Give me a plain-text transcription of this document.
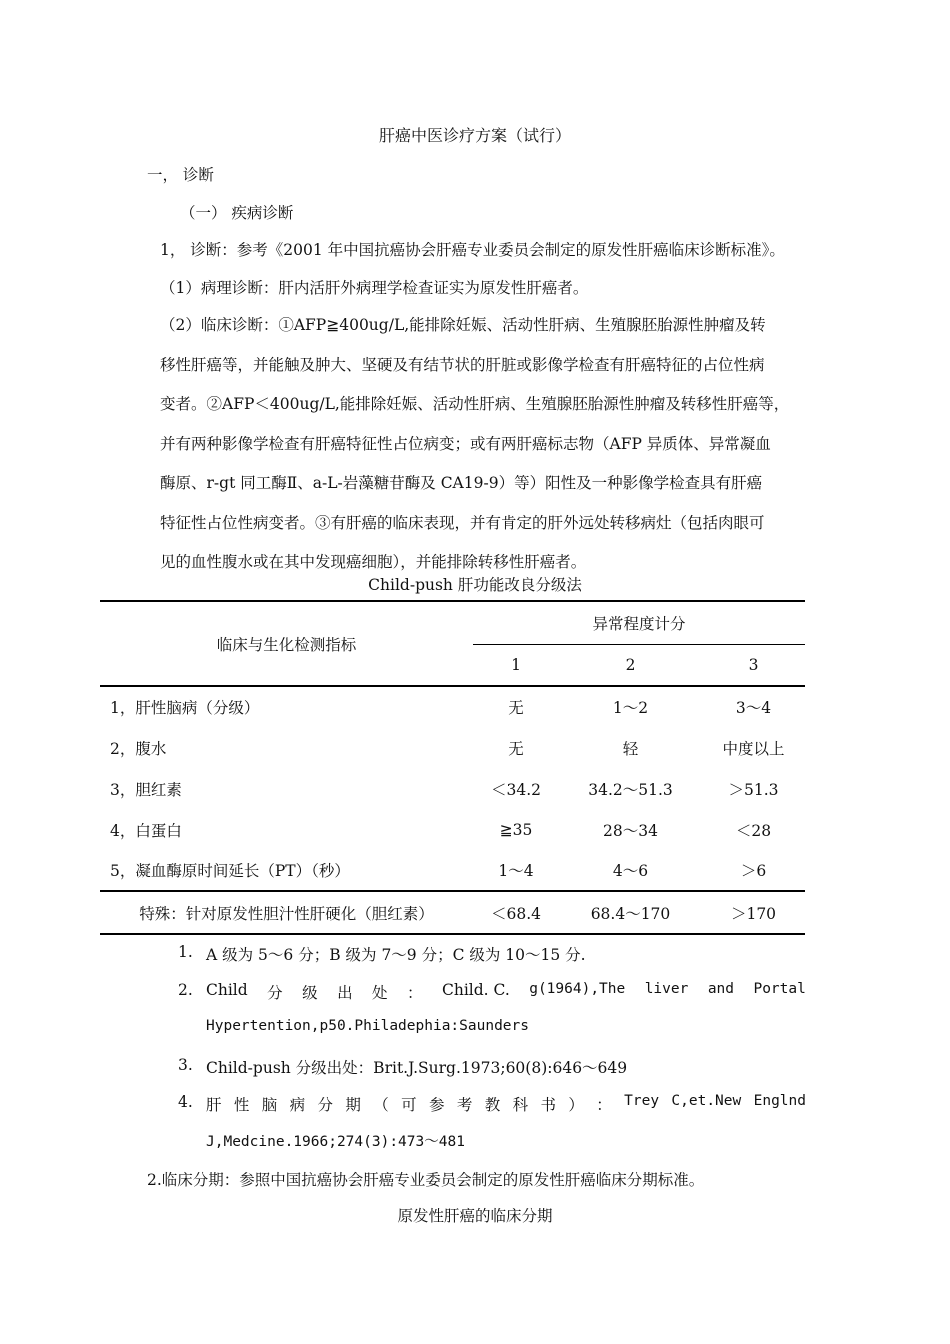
肝癌中医诊疗方案（试行）
一， 诊断
（一） 疾病诊断
1， 诊断：参考《2001 年中国抗癌协会肝癌专业委员会制定的原发性肝癌临床诊断标准》。
（1）病理诊断：肝内活肝外病理学检查证实为原发性肝癌者。
（2）临床诊断：①AFP≧400ug/L,能排除妊娠、活动性肝病、生殖腺胚胎源性肿瘤及转
移性肝癌等，并能触及肿大、坚硬及有结节状的肝脏或影像学检查有肝癌特征的占位性病
变者。②AFP＜400ug/L,能排除妊娠、活动性肝病、生殖腺胚胎源性肿瘤及转移性肝癌等，
并有两种影像学检查有肝癌特征性占位病变；或有两肝癌标志物（AFP 异质体、异常凝血
酶原、r-gt 同工酶Ⅱ、a-L-岩藻糖苷酶及 CA19-9）等）阳性及一种影像学检查具有肝癌
特征性占位性病变者。③有肝癌的临床表现，并有肯定的肝外远处转移病灶（包括肉眼可
见的血性腹水或在其中发现癌细胞），并能排除转移性肝癌者。
Child-push 肝功能改良分级法
临床与生化检测指标	异常程度计分		
	1	2	3
1，肝性脑病（分级）	无	1～2	3～4
2，腹水	无	轻	中度以上
3，胆红素	＜34.2	34.2～51.3	＞51.3
4，白蛋白	≧35	28～34	＜28
5，凝血酶原时间延长（PT）（秒）	1～4	4～6	＞6
特殊：针对原发性胆汁性肝硬化（胆红素）	＜68.4	68.4～170	＞170
1. A 级为 5～6 分；B 级为 7～9 分；C 级为 10～15 分.
2. Child 分 级 出 处 ： Child. C. g(1964),The liver and Portal
Hypertention,p50.Philadephia:Saunders
3. Child-push 分级出处：Brit.J.Surg.1973;60(8):646～649
4. 肝 性 脑 病 分 期 （ 可 参 考 教 科 书 ） ： Trey C,et.New Englnd
J,Medcine.1966;274(3):473～481
2.临床分期：参照中国抗癌协会肝癌专业委员会制定的原发性肝癌临床分期标准。
原发性肝癌的临床分期
